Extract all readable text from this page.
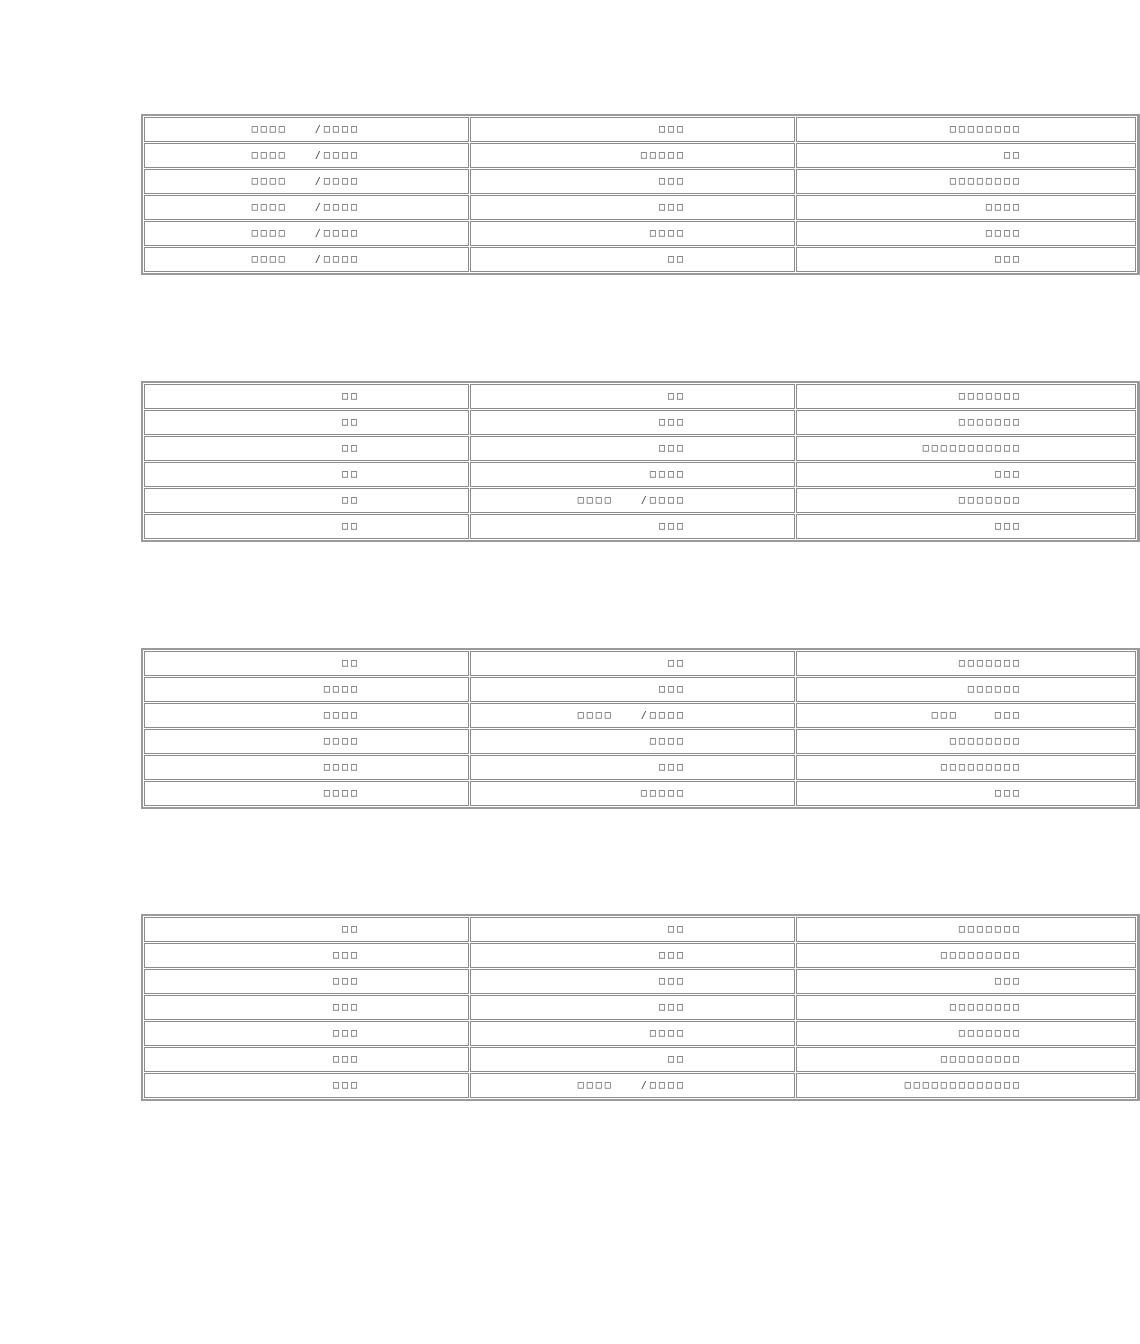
□□□□   /□□□□	□□□	□□□□□□□□
□□□□   /□□□□	□□□□□	□□
□□□□   /□□□□	□□□	□□□□□□□□
□□□□   /□□□□	□□□	□□□□
□□□□   /□□□□	□□□□	□□□□
□□□□   /□□□□	□□	□□□
□□	□□	□□□□□□□
□□	□□□	□□□□□□□
□□	□□□	□□□□□□□□□□□
□□	□□□□	□□□
□□	□□□□   /□□□□	□□□□□□□
□□	□□□	□□□
□□	□□	□□□□□□□
□□□□	□□□	□□□□□□
□□□□	□□□□   /□□□□	□□□    □□□
□□□□	□□□□	□□□□□□□□
□□□□	□□□	□□□□□□□□□
□□□□	□□□□□	□□□
□□	□□	□□□□□□□
□□□	□□□	□□□□□□□□□
□□□	□□□	□□□
□□□	□□□	□□□□□□□□
□□□	□□□□	□□□□□□□
□□□	□□	□□□□□□□□□
□□□	□□□□   /□□□□	□□□□□□□□□□□□□
